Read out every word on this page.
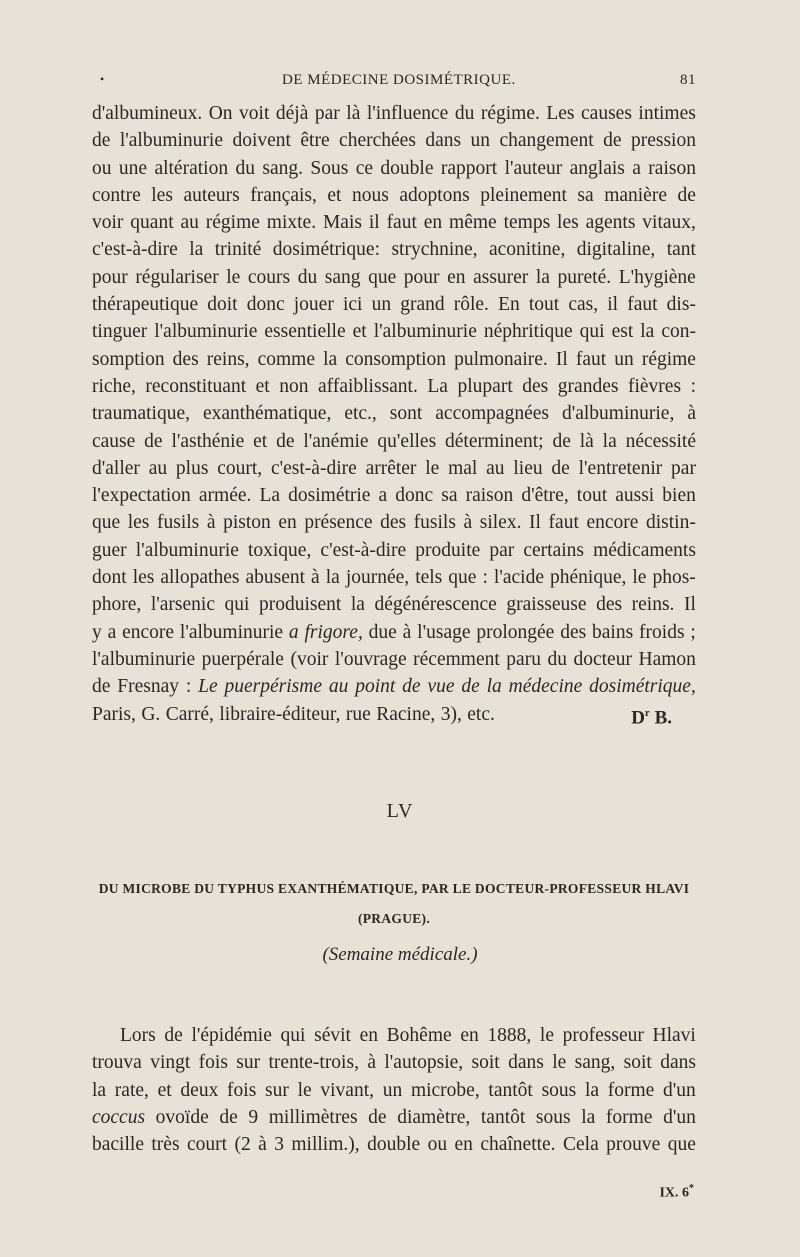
•	DE MÉDECINE DOSIMÉTRIQUE.	81
d'albumineux. On voit déjà par là l'influence du régime. Les causes intimes
de l'albuminurie doivent être cherchées dans un changement de pression
ou une altération du sang. Sous ce double rapport l'auteur anglais a raison
contre les auteurs français, et nous adoptons pleinement sa manière de
voir quant au régime mixte. Mais il faut en même temps les agents vitaux,
c'est-à-dire la trinité dosimétrique: strychnine, aconitine, digitaline, tant
pour régulariser le cours du sang que pour en assurer la pureté. L'hygiène
thérapeutique doit donc jouer ici un grand rôle. En tout cas, il faut dis-
tinguer l'albuminurie essentielle et l'albuminurie néphritique qui est la con-
somption des reins, comme la consomption pulmonaire. Il faut un régime
riche, reconstituant et non affaiblissant. La plupart des grandes fièvres :
traumatique, exanthématique, etc., sont accompagnées d'albuminurie, à
cause de l'asthénie et de l'anémie qu'elles déterminent; de là la nécessité
d'aller au plus court, c'est-à-dire arrêter le mal au lieu de l'entretenir par
l'expectation armée. La dosimétrie a donc sa raison d'être, tout aussi bien
que les fusils à piston en présence des fusils à silex. Il faut encore distin-
guer l'albuminurie toxique, c'est-à-dire produite par certains médicaments
dont les allopathes abusent à la journée, tels que : l'acide phénique, le phos-
phore, l'arsenic qui produisent la dégénérescence graisseuse des reins. Il
y a encore l'albuminurie a frigore, due à l'usage prolongée des bains froids ;
l'albuminurie puerpérale (voir l'ouvrage récemment paru du docteur Hamon
de Fresnay : Le puerpérisme au point de vue de la médecine dosimétrique,
Paris, G. Carré, libraire-éditeur, rue Racine, 3), etc.	$D^r$ B.
LV
DU MICROBE DU TYPHUS EXANTHÉMATIQUE, PAR LE DOCTEUR-PROFESSEUR HLAVI
(PRAGUE).
(Semaine médicale.)
Lors de l'épidémie qui sévit en Bohême en 1888, le professeur Hlavi
trouva vingt fois sur trente-trois, à l'autopsie, soit dans le sang, soit dans
la rate, et deux fois sur le vivant, un microbe, tantôt sous la forme d'un
coccus ovoïde de 9 millimètres de diamètre, tantôt sous la forme d'un
bacille très court (2 à 3 millim.), double ou en chaînette. Cela prouve que
IX. 6*
